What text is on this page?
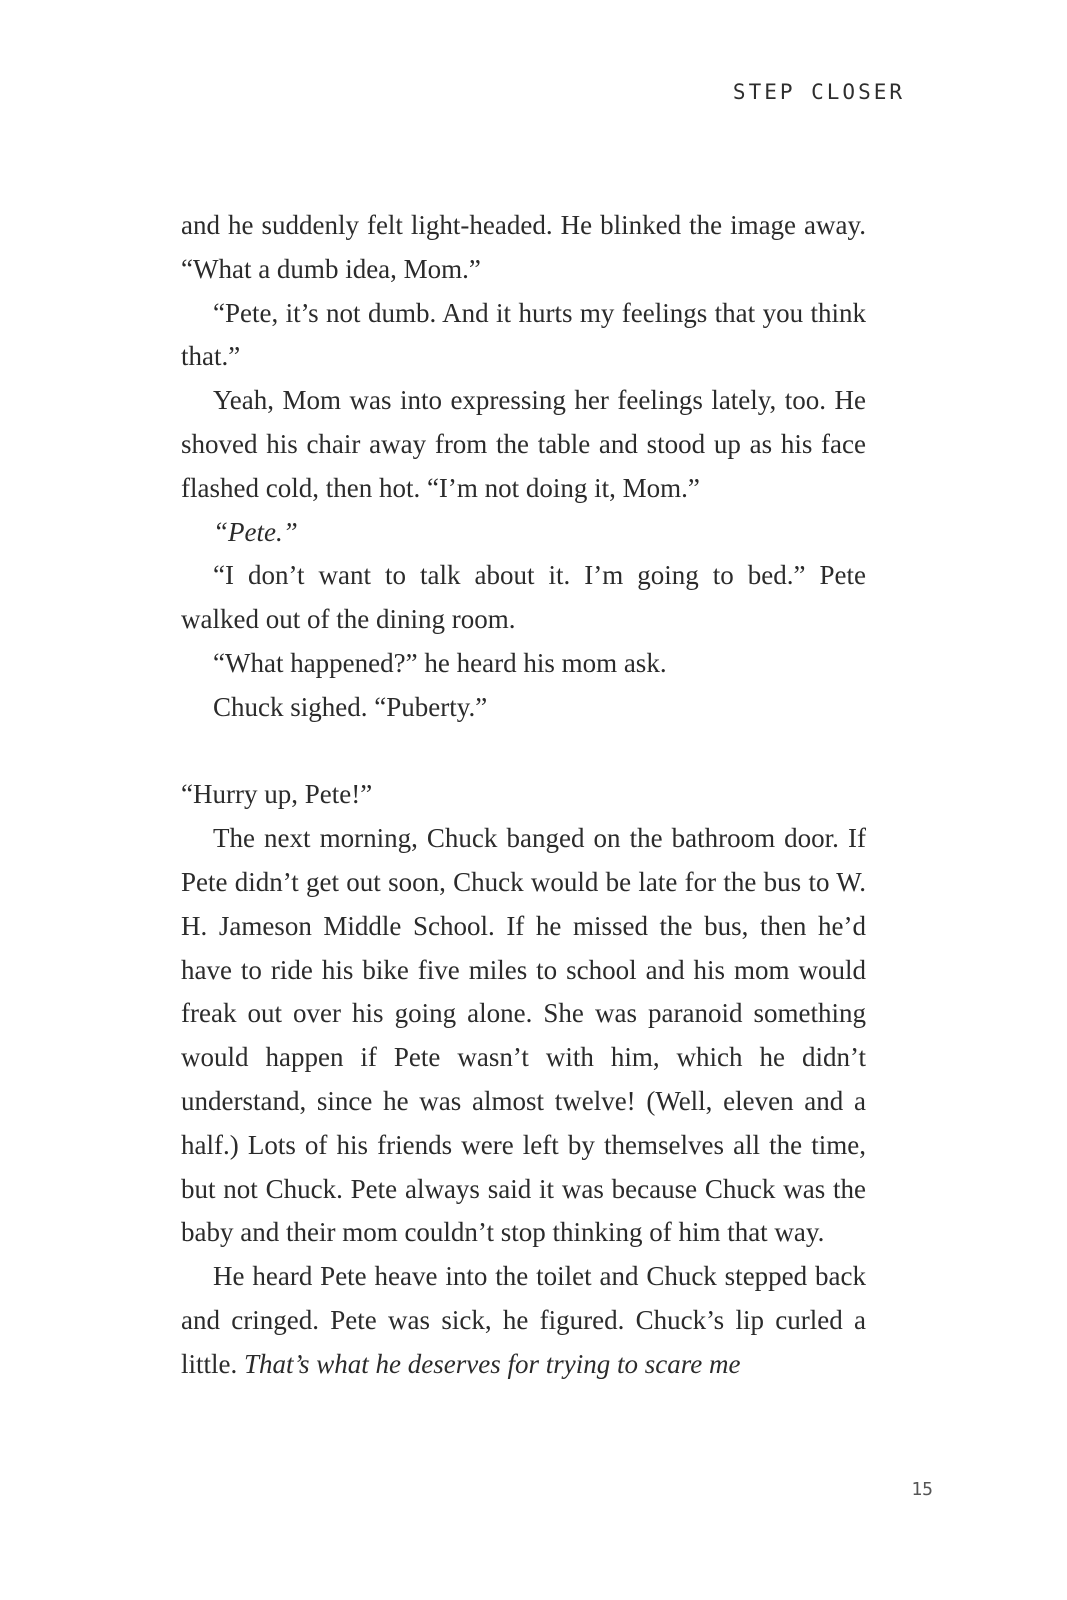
STEP CLOSER

and he suddenly felt light-headed. He blinked the image away. “What a dumb idea, Mom.”

“Pete, it’s not dumb. And it hurts my feelings that you think that.”

Yeah, Mom was into expressing her feelings lately, too. He shoved his chair away from the table and stood up as his face flashed cold, then hot. “I’m not doing it, Mom.”

“Pete.”

“I don’t want to talk about it. I’m going to bed.” Pete walked out of the dining room.

“What happened?” he heard his mom ask.

Chuck sighed. “Puberty.”

“Hurry up, Pete!”

The next morning, Chuck banged on the bathroom door. If Pete didn’t get out soon, Chuck would be late for the bus to W. H. Jameson Middle School. If he missed the bus, then he’d have to ride his bike five miles to school and his mom would freak out over his going alone. She was paranoid something would happen if Pete wasn’t with him, which he didn’t understand, since he was almost twelve! (Well, eleven and a half.) Lots of his friends were left by themselves all the time, but not Chuck. Pete always said it was because Chuck was the baby and their mom couldn’t stop thinking of him that way.

He heard Pete heave into the toilet and Chuck stepped back and cringed. Pete was sick, he figured. Chuck’s lip curled a little. That’s what he deserves for trying to scare me

15
